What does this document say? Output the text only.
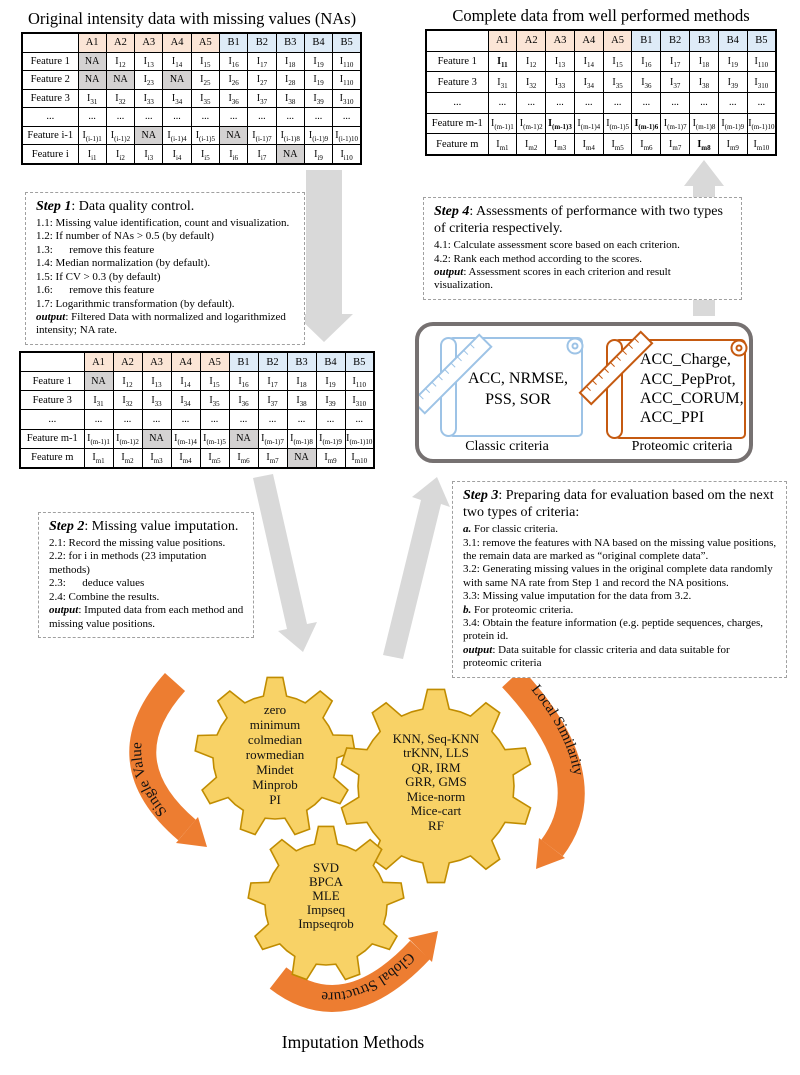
Single Value
Local Similarity
Global Structure
zero
minimum
colmedian
rowmedian
Mindet
Minprob
PI
KNN, Seq-KNN
trKNN, LLS
QR, IRM
GRR, GMS
Mice-norm
Mice-cart
RF
SVD
BPCA
MLE
Impseq
Impseqrob
Original intensity data with missing values (NAs)	Complete data from well performed methods
	A1	A2	A3	A4	A5	B1	B2	B3	B4	B5
Feature 1	NA	$I_{12}$	$I_{13}$	$I_{14}$	$I_{15}$	$I_{16}$	$I_{17}$	$I_{18}$	$I_{19}$	$I_{110}$
Feature 2	NA	NA	$I_{23}$	NA	$I_{25}$	$I_{26}$	$I_{27}$	$I_{28}$	$I_{19}$	$I_{110}$
Feature 3	$I_{31}$	$I_{32}$	$I_{33}$	$I_{34}$	$I_{35}$	$I_{36}$	$I_{37}$	$I_{38}$	$I_{39}$	$I_{310}$
...	...	...	...	...	...	...	...	...	...	...
Feature i-1	$I_{(i-1)1}$	$I_{(i-1)2}$	NA	$I_{(i-1)4}$	$I_{(i-1)5}$	NA	$I_{(i-1)7}$	$I_{(i-1)8}$	$I_{(i-1)9}$	$I_{(i-1)10}$
Feature i	$I_{i1}$	$I_{i2}$	$I_{i3}$	$I_{i4}$	$I_{i5}$	$I_{i6}$	$I_{i7}$	NA	$I_{i9}$	$I_{i10}$
	A1	A2	A3	A4	A5	B1	B2	B3	B4	B5
Feature 1	$I_{11}$	$I_{12}$	$I_{13}$	$I_{14}$	$I_{15}$	$I_{16}$	$I_{17}$	$I_{18}$	$I_{19}$	$I_{110}$
Feature 3	$I_{31}$	$I_{32}$	$I_{33}$	$I_{34}$	$I_{35}$	$I_{36}$	$I_{37}$	$I_{38}$	$I_{39}$	$I_{310}$
...	...	...	...	...	...	...	...	...	...	...
Feature m-1	$I_{(m-1)1}$	$I_{(m-1)2}$	$I_{(m-1)3}$	$I_{(m-1)4}$	$I_{(m-1)5}$	$I_{(m-1)6}$	$I_{(m-1)7}$	$I_{(m-1)8}$	$I_{(m-1)9}$	$I_{(m-1)10}$
Feature m	$I_{m1}$	$I_{m2}$	$I_{m3}$	$I_{m4}$	$I_{m5}$	$I_{m6}$	$I_{m7}$	$I_{m8}$	$I_{m9}$	$I_{m10}$
	A1	A2	A3	A4	A5	B1	B2	B3	B4	B5
Feature 1	NA	$I_{12}$	$I_{13}$	$I_{14}$	$I_{15}$	$I_{16}$	$I_{17}$	$I_{18}$	$I_{19}$	$I_{110}$
Feature 3	$I_{31}$	$I_{32}$	$I_{33}$	$I_{34}$	$I_{35}$	$I_{36}$	$I_{37}$	$I_{38}$	$I_{39}$	$I_{310}$
...	...	...	...	...	...	...	...	...	...	...
Feature m-1	$I_{(m-1)1}$	$I_{(m-1)2}$	NA	$I_{(m-1)4}$	$I_{(m-1)5}$	NA	$I_{(m-1)7}$	$I_{(m-1)8}$	$I_{(m-1)9}$	$I_{(m-1)10}$
Feature m	$I_{m1}$	$I_{m2}$	$I_{m3}$	$I_{m4}$	$I_{m5}$	$I_{m6}$	$I_{m7}$	NA	$I_{m9}$	$I_{m10}$
Step 1: Data quality control.
1.1: Missing value identification, count and visualization.
1.2: If number of NAs > 0.5 (by default)
1.3:      remove this feature
1.4: Median normalization (by default).
1.5: If CV > 0.3 (by default)
1.6:      remove this feature
1.7: Logarithmic transformation (by default).
output: Filtered Data with normalized and logarithmized intensity; NA rate.
Step 4: Assessments of performance with two types of criteria respectively.
4.1: Calculate assessment score based on each criterion.
4.2: Rank each method according to the scores.
output: Assessment scores in each criterion and result visualization.
Step 2: Missing value imputation.
2.1: Record the missing value positions.
2.2: for i in methods (23 imputation methods)
2.3:      deduce values
2.4: Combine the results.
output: Imputed data from each method and missing value positions.
Step 3: Preparing data for evaluation based om the next two types of criteria:
a. For classic criteria.
3.1: remove the features with NA based on the missing value positions, the remain data are marked as “original complete data”.
3.2: Generating missing values in the original complete data randomly with same NA rate from Step 1 and record the NA positions.
3.3: Missing value imputation for the data from 3.2.
b. For proteomic criteria.
3.4: Obtain the feature information (e.g. peptide sequences, charges, protein id.
output: Data suitable for classic criteria and data suitable for proteomic criteria
ACC, NRMSE,
PSS, SOR
ACC_Charge,
ACC_PepProt,
ACC_CORUM,
ACC_PPI
Classic criteria	Proteomic criteria
Imputation Methods
